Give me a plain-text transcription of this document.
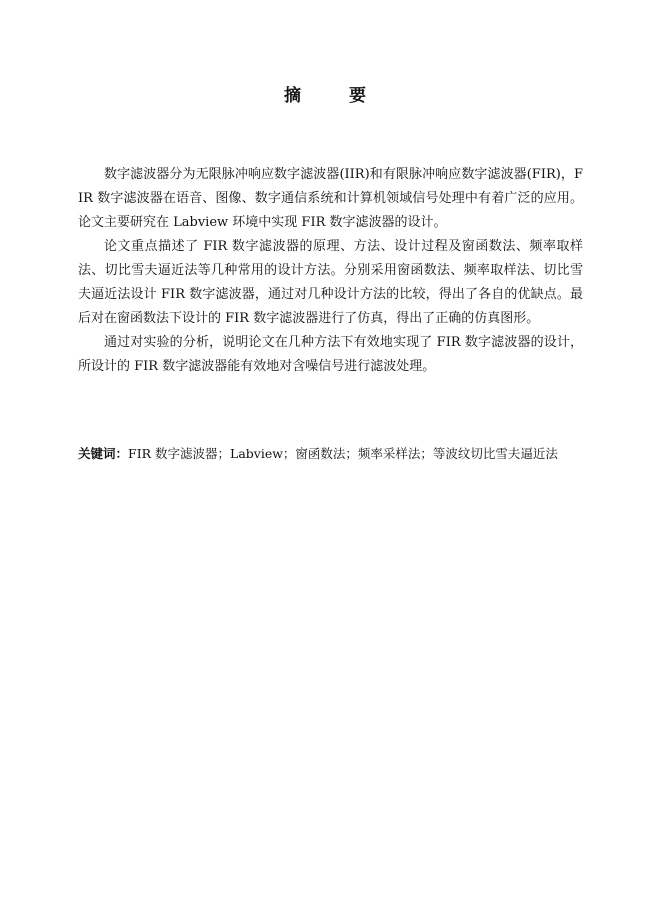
摘要

数字滤波器分为无限脉冲响应数字滤波器(IIR)和有限脉冲响应数字滤波器(FIR)，FIR 数字滤波器在语音、图像、数字通信系统和计算机领域信号处理中有着广泛的应用。论文主要研究在 Labview 环境中实现 FIR 数字滤波器的设计。

论文重点描述了 FIR 数字滤波器的原理、方法、设计过程及窗函数法、频率取样法、切比雪夫逼近法等几种常用的设计方法。分别采用窗函数法、频率取样法、切比雪夫逼近法设计 FIR 数字滤波器，通过对几种设计方法的比较，得出了各自的优缺点。最后对在窗函数法下设计的 FIR 数字滤波器进行了仿真，得出了正确的仿真图形。

通过对实验的分析，说明论文在几种方法下有效地实现了 FIR 数字滤波器的设计，所设计的 FIR 数字滤波器能有效地对含噪信号进行滤波处理。

关键词：FIR 数字滤波器；Labview；窗函数法；频率采样法；等波纹切比雪夫逼近法
